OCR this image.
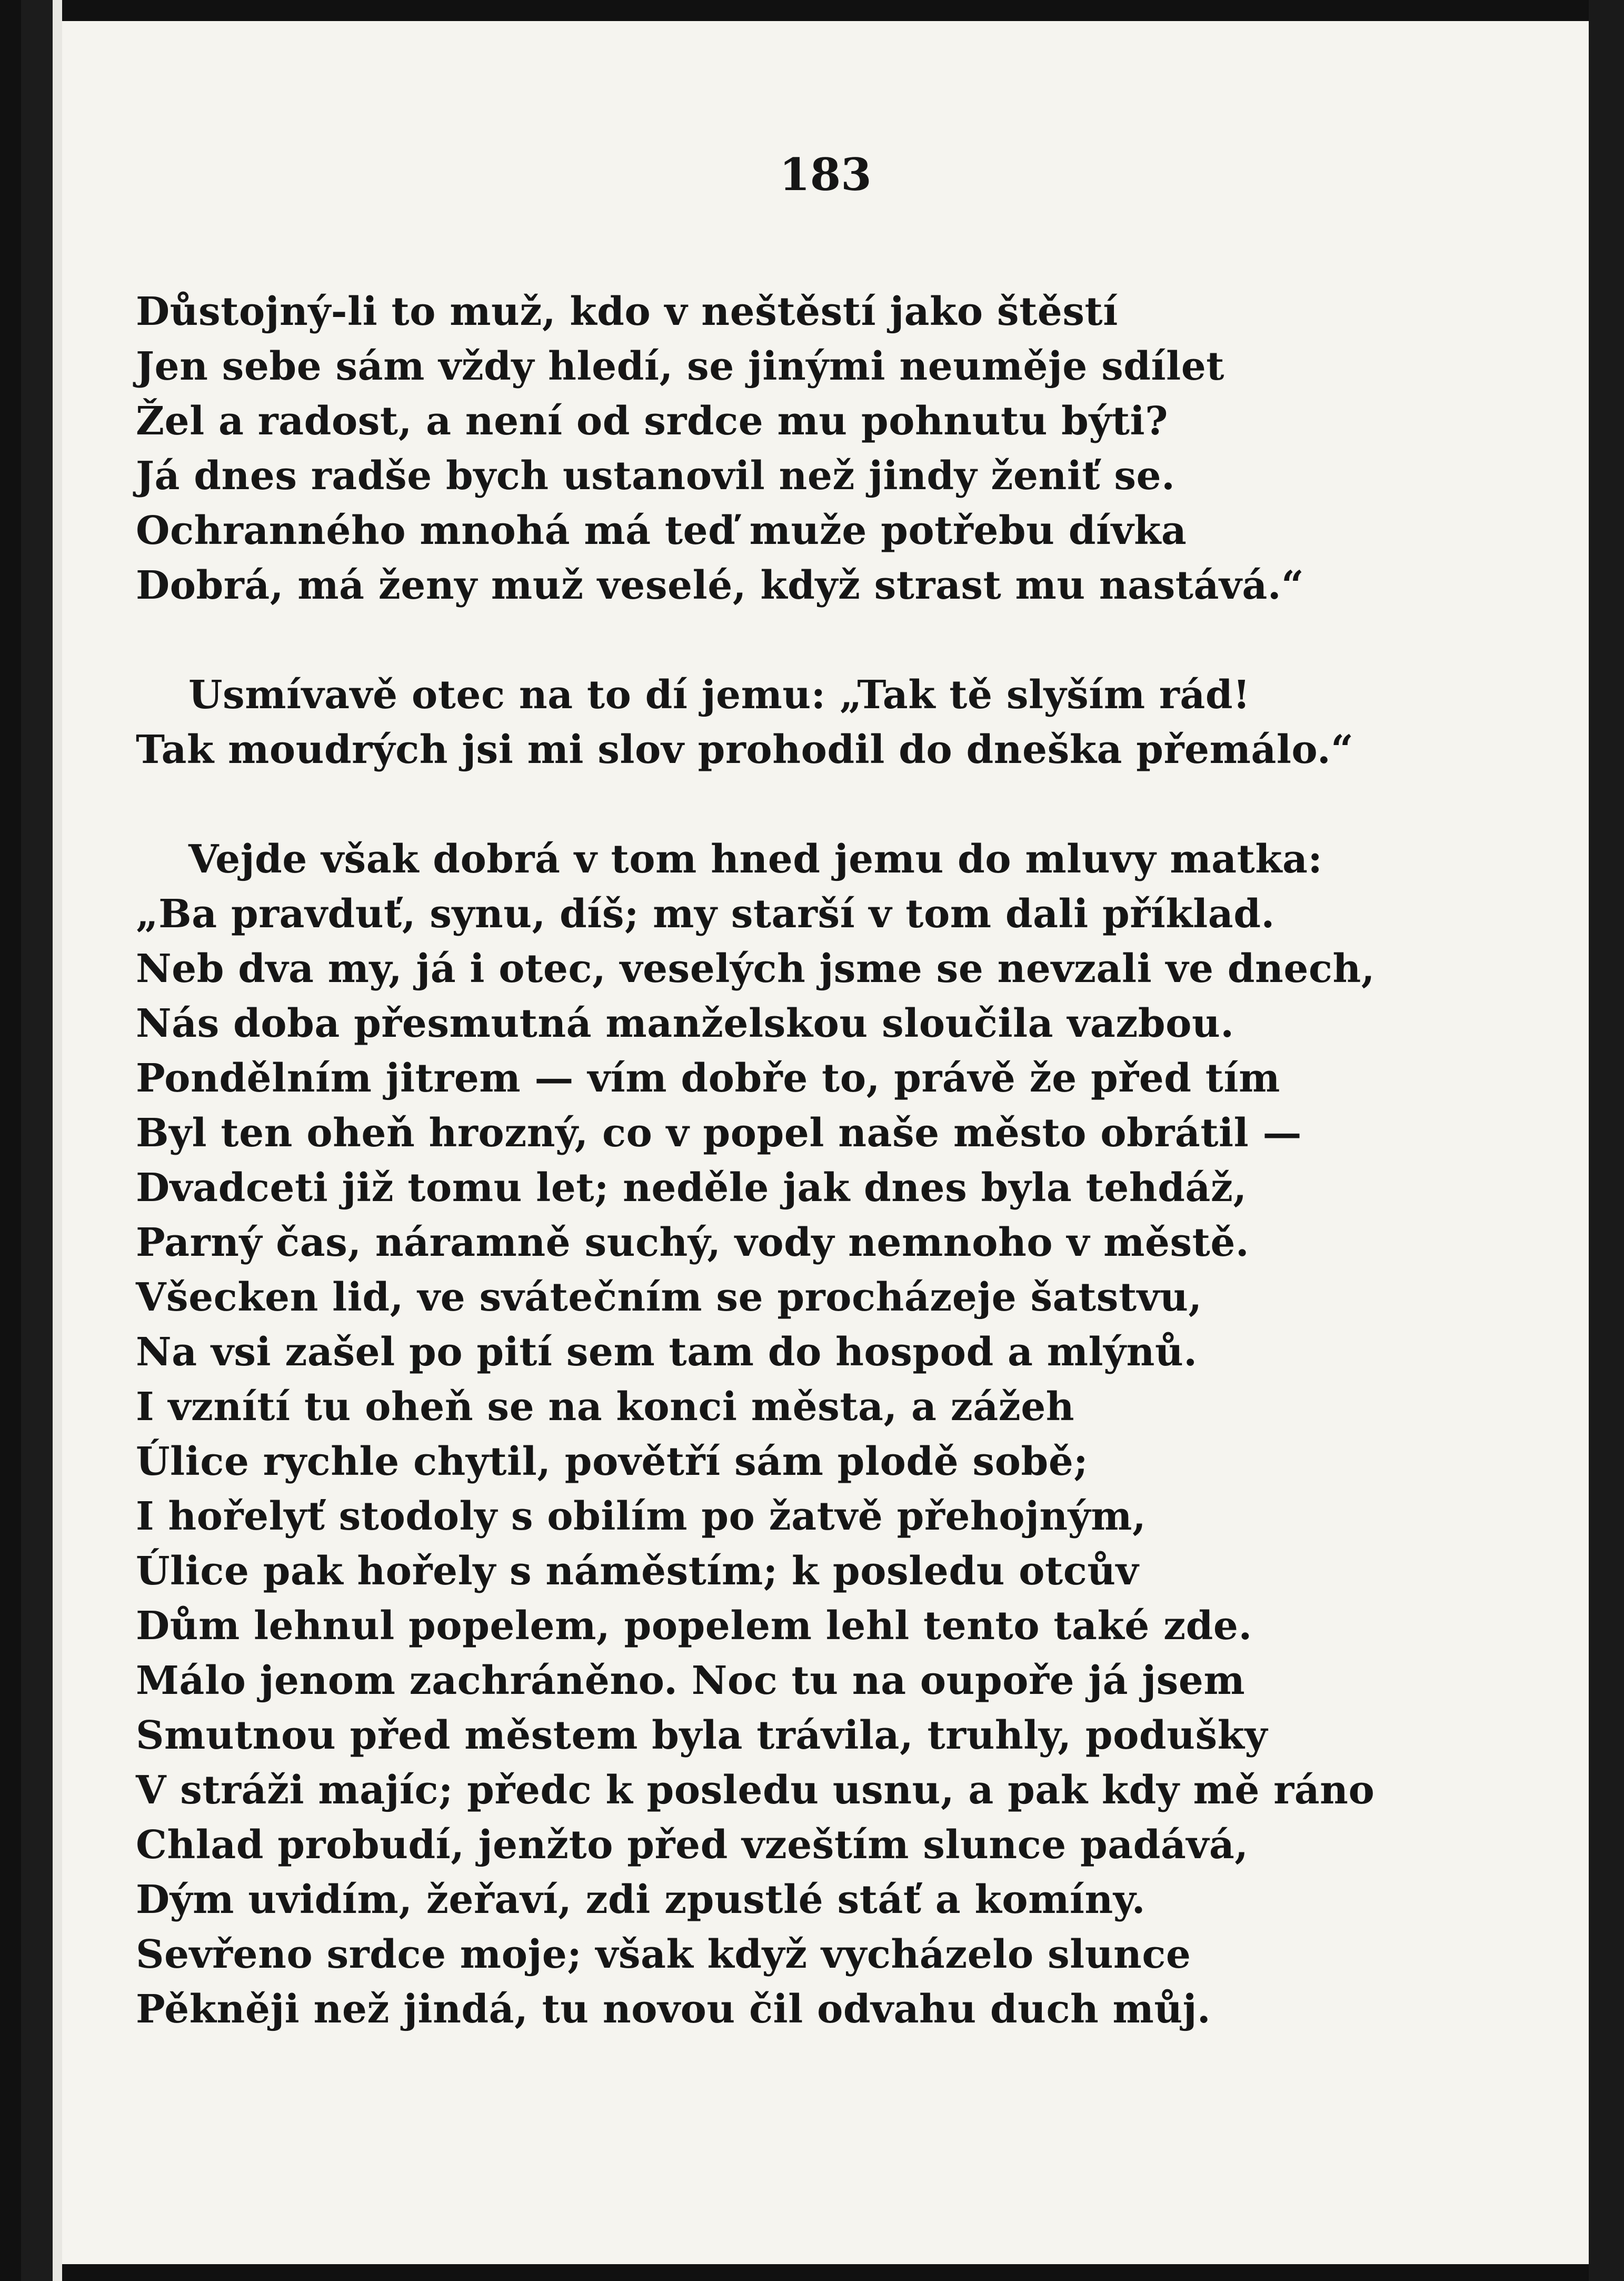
183
Důstojný-li to muž, kdo v neštěstí jako štěstí
Jen sebe sám vždy hledí, se jinými neuměje sdílet
Žel a radost, a není od srdce mu pohnutu býti?
Já dnes radše bych ustanovil než jindy ženiť se.
Ochranného mnohá má teď muže potřebu dívka
Dobrá, má ženy muž veselé, když strast mu nastává.“
Usmívavě otec na to dí jemu: „Tak tě slyším rád!
Tak moudrých jsi mi slov prohodil do dneška přemálo.“
Vejde však dobrá v tom hned jemu do mluvy matka:
„Ba pravduť, synu, díš; my starší v tom dali příklad.
Neb dva my, já i otec, veselých jsme se nevzali ve dnech,
Nás doba přesmutná manželskou sloučila vazbou.
Pondělním jitrem — vím dobře to, právě že před tím
Byl ten oheň hrozný, co v popel naše město obrátil —
Dvadceti již tomu let; neděle jak dnes byla tehdáž,
Parný čas, náramně suchý, vody nemnoho v městě.
Všecken lid, ve svátečním se procházeje šatstvu,
Na vsi zašel po pití sem tam do hospod a mlýnů.
I vznítí tu oheň se na konci města, a zážeh
Úlice rychle chytil, povětří sám plodě sobě;
I hořelyť stodoly s obilím po žatvě přehojným,
Úlice pak hořely s náměstím; k posledu otcův
Dům lehnul popelem, popelem lehl tento také zde.
Málo jenom zachráněno. Noc tu na oupoře já jsem
Smutnou před městem byla trávila, truhly, podušky
V stráži majíc; předc k posledu usnu, a pak kdy mě ráno
Chlad probudí, jenžto před vzeštím slunce padává,
Dým uvidím, žeřaví, zdi zpustlé stáť a komíny.
Sevřeno srdce moje; však když vycházelo slunce
Pěkněji než jindá, tu novou čil odvahu duch můj.
